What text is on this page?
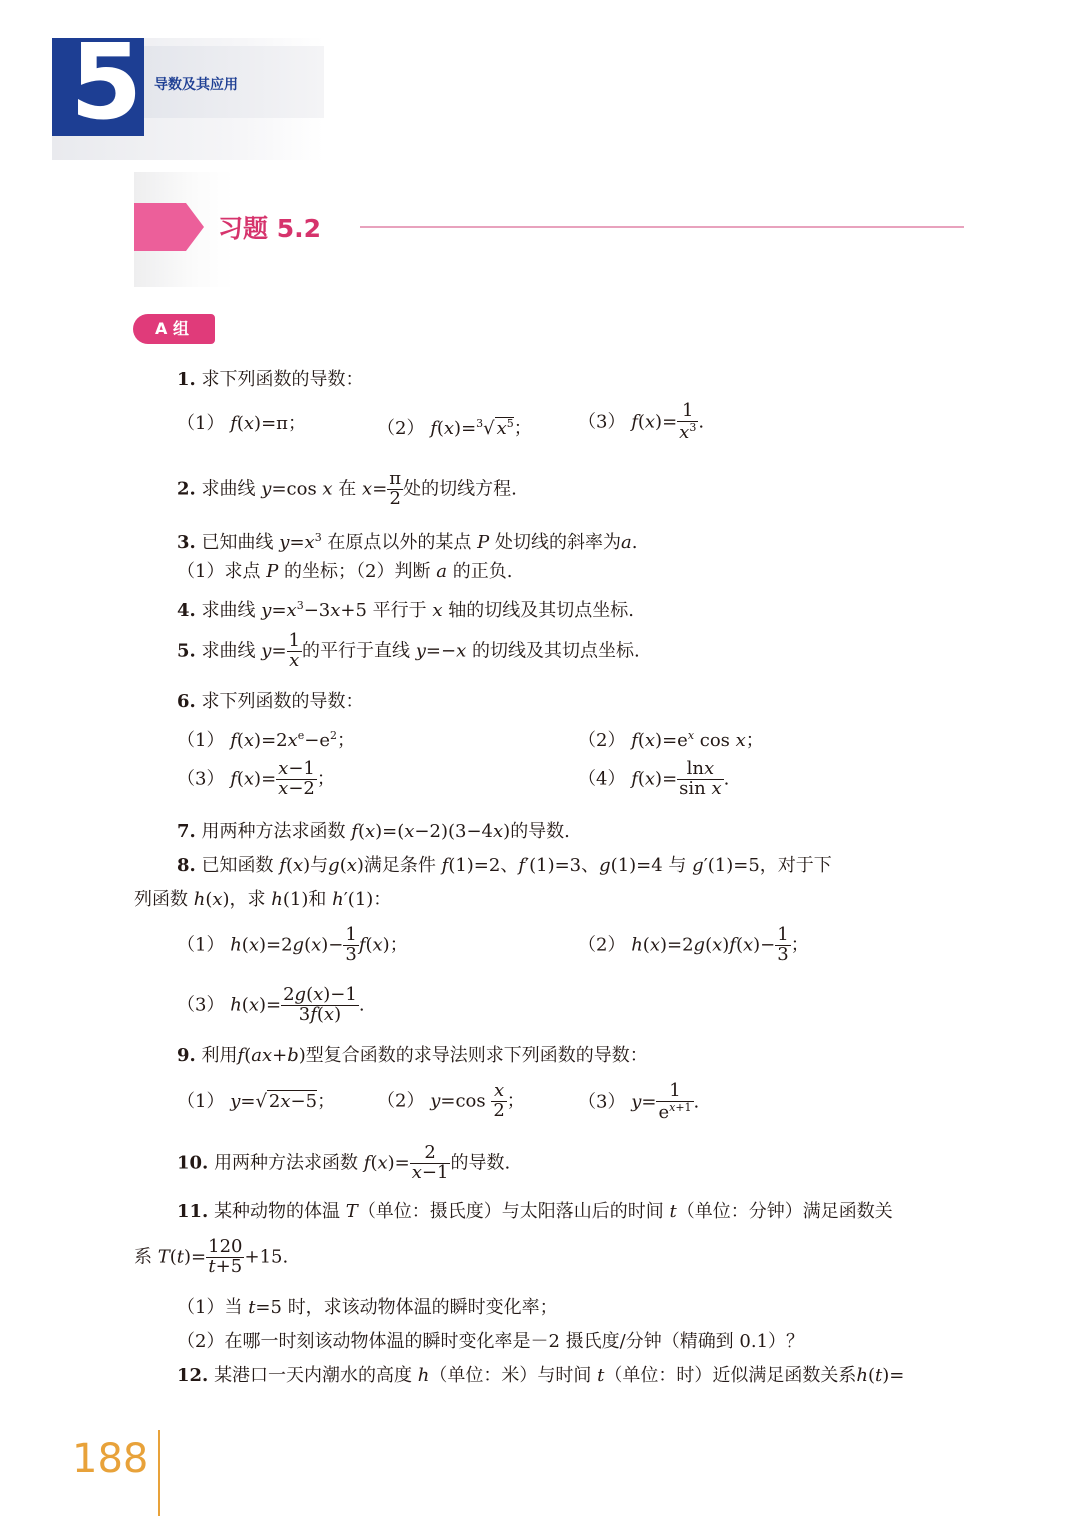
5 导数及其应用
习题 5.2
A 组
1. 求下列函数的导数：
（1） f(x)=π；	（2） f(x)=$^3$√ $x^5$；	（3） $f(x)= \frac{1}{x^3}$ .
2. 求曲线 y=cos x 在 $x= \frac{\pi}{2}$ 处的切线方程.
3. 已知曲线 $y=x^3$ 在原点以外的某点 P 处切线的斜率为a.
（1）求点 P 的坐标；（2）判断 a 的正负.
4. 求曲线 $y=x^3-3x+5$ 平行于 x 轴的切线及其切点坐标.
5. 求曲线 $y= \frac{1}{x}$ 的平行于直线 y=−x 的切线及其切点坐标.
6. 求下列函数的导数：
（1） $f(x)=2x^e-e^2$；	（2） $f(x)=e^x$ cos x；
（3） $f(x)= \frac{x-1}{x-2}$ ；	（4） $f(x)= \frac{\ln x}{\text{sin x}}$ .
7. 用两种方法求函数 f(x)=(x−2)(3−4x)的导数.
8. 已知函数 f(x)与g(x)满足条件 f(1)=2、f′(1)=3、g(1)=4 与 g′(1)=5，对于下
列函数 h(x)，求 h(1)和 h′(1)：
（1） $h(x)=2g(x)- \frac{1}{3} f(x)$；	（2） $h(x)=2g(x)f(x)- \frac{1}{3}$ ；
（3） $h(x)= \frac{2g(x)-1}{3f(x)}$ .
9. 利用f(ax+b)型复合函数的求导法则求下列函数的导数：
（1） y=√ 2x−5； （2） $y=\cos \frac{x}{2}$ ；	（3） $y= \frac{1}{e^{x+1}}$ .
10. 用两种方法求函数 $f(x)= \frac{2}{x-1}$ 的导数.
11. 某种动物的体温 T（单位：摄氏度）与太阳落山后的时间 t（单位：分钟）满足函数关
系 $T(t)= \frac{120}{t+5} +15$.
（1）当 t=5 时，求该动物体温的瞬时变化率；
（2）在哪一时刻该动物体温的瞬时变化率是－2 摄氏度/分钟（精确到 0.1）？
12. 某港口一天内潮水的高度 h（单位：米）与时间 t（单位：时）近似满足函数关系h(t)=
188
